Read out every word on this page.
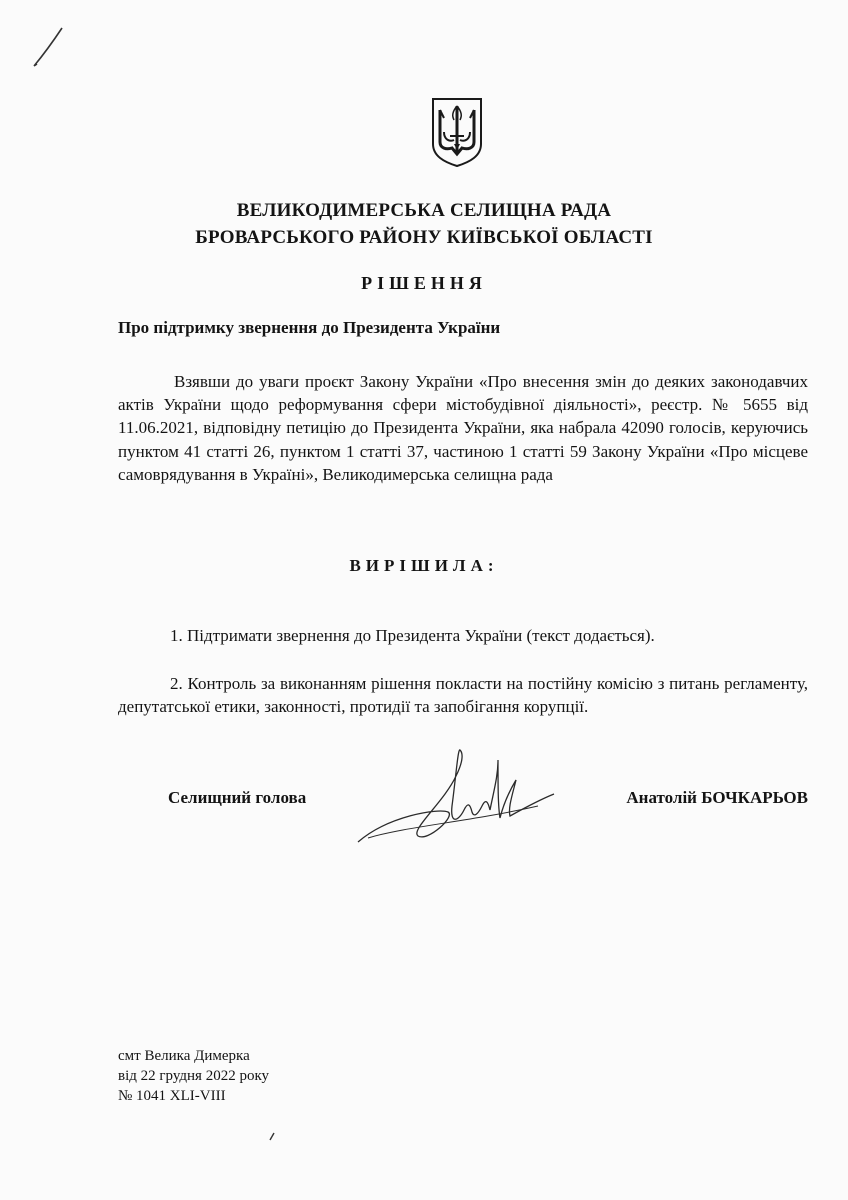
ВЕЛИКОДИМЕРСЬКА СЕЛИЩНА РАДА
БРОВАРСЬКОГО РАЙОНУ КИЇВСЬКОЇ ОБЛАСТІ
РІШЕННЯ
Про підтримку звернення до Президента України
Взявши до уваги проєкт Закону України «Про внесення змін до деяких законодавчих актів України щодо реформування сфери містобудівної діяльності», реєстр. № 5655 від 11.06.2021, відповідну петицію до Президента України, яка набрала 42090 голосів, керуючись пунктом 41 статті 26, пунктом 1 статті 37, частиною 1 статті 59 Закону України «Про місцеве самоврядування в Україні», Великодимерська селищна рада
ВИРІШИЛА:
1. Підтримати звернення до Президента України (текст додається).
2. Контроль за виконанням рішення покласти на постійну комісію з питань регламенту, депутатської етики, законності, протидії та запобігання корупції.
Селищний голова	Анатолій БОЧКАРЬОВ
смт Велика Димерка
від 22 грудня 2022 року
№ 1041 XLI-VIII
